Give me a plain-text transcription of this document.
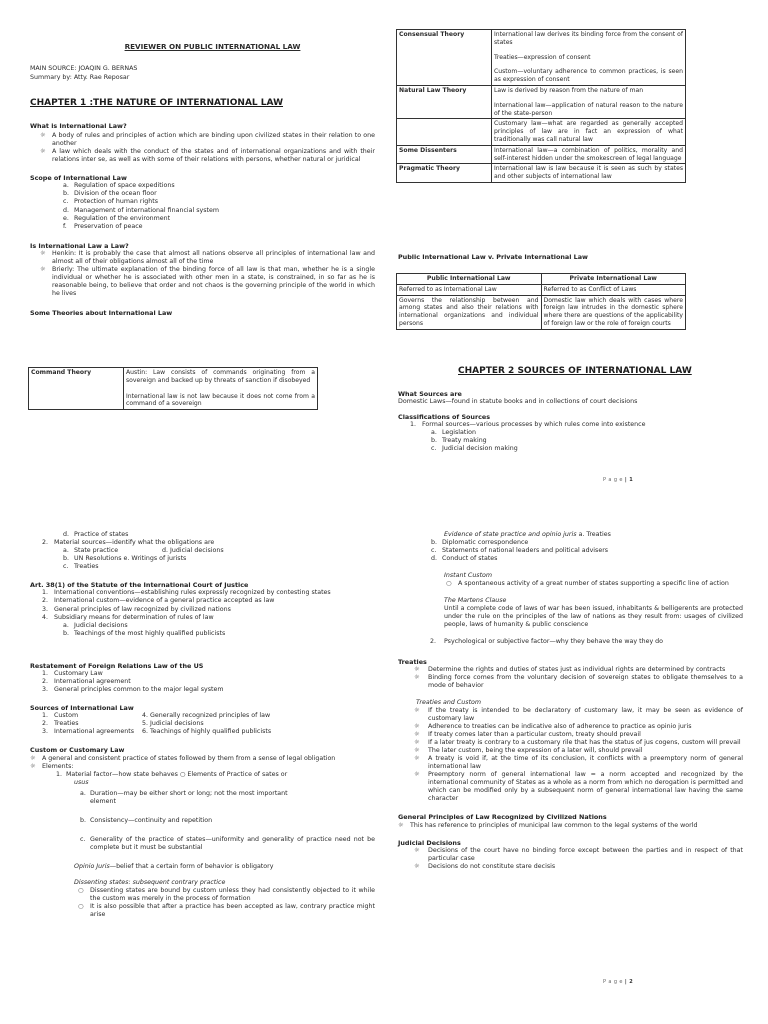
REVIEWER ON PUBLIC INTERNATIONAL LAW
MAIN SOURCE: JOAQIN G. BERNAS
Summary by: Atty. Rae Reposar
CHAPTER 1 :THE NATURE OF INTERNATIONAL LAW
What is International Law?
☼ A body of rules and principles of action which are binding upon civilized states in their relation to one another
☼ A law which deals with the conduct of the states and of international organizations and with their relations inter se, as well as with some of their relations with persons, whether natural or juridical
Scope of International Law
a. Regulation of space expeditions
b. Division of the ocean floor
c. Protection of human rights
d. Management of international financial system
e. Regulation of the environment
f. Preservation of peace
Is International Law a Law?
☼ Henkin: It is probably the case that almost all nations observe all principles of international law and almost all of their obligations almost all of the time
☼ Brierly: The ultimate explanation of the binding force of all law is that man, whether he is a single individual or whether he is associated with other men in a state, is constrained, in so far as he is reasonable being, to believe that order and not chaos is the governing principle of the world in which he lives
Some Theories about International Law
Command Theory	Austin: Law consists of commands originating from a sovereign and backed up by threats of sanction if disobeyed

International law is not law because it does not come from a command of a sovereign

Consensual Theory	International law derives its binding force from the consent of states

Treaties—expression of consent

Custom—voluntary adherence to common practices, is seen as expression of consent

Natural Law Theory	Law is derived by reason from the nature of man

International law—application of natural reason to the nature of the state-person

	Customary law—what are regarded as generally accepted principles of law are in fact an expression of what traditionally was call natural law

Some Dissenters	International law—a combination of politics, morality and self-interest hidden under the smokescreen of legal language

Pragmatic Theory	International law is law because it is seen as such by states and other subjects of international law

Public International Law v. Private International Law
Public International Law	Private International Law
Referred to as International Law	Referred to as Conflict of Laws
Governs the relationship between and among states and also their relations with international organizations and individual persons	Domestic law which deals with cases where foreign law intrudes in the domestic sphere where there are questions of the applicability of foreign law or the role of foreign courts
CHAPTER 2 SOURCES OF INTERNATIONAL LAW
What Sources are
Domestic Laws—found in statute books and in collections of court decisions
Classifications of Sources
1. Formal sources—various processes by which rules come into existence
a. Legislation
b. Treaty making
c. Judicial decision making
P a g e | 1
d. Practice of states
2. Material sources—identify what the obligations are
a. State practice	d. Judicial decisions
b. UN Resolutions e. Writings of jurists
c. Treaties
Art. 38(1) of the Statute of the International Court of Justice
1. International conventions—establishing rules expressly recognized by contesting states
2. International custom—evidence of a general practice accepted as law
3. General principles of law recognized by civilized nations
4. Subsidiary means for determination of rules of law
a. Judicial decisions
b. Teachings of the most highly qualified publicists
Restatement of Foreign Relations Law of the US
1. Customary Law
2. International agreement
3. General principles common to the major legal system
Sources of International Law
1. Custom	4. Generally recognized principles of law
2. Treaties	5. Judicial decisions
3. International agreements 6. Teachings of highly qualified publicists
Custom or Customary Law
☼ A general and consistent practice of states followed by them from a sense of legal obligation
☼ Elements:
1. Material factor—how state behaves ○ Elements of Practice of sates or
usus
a. Duration—may be either short or long; not the most important element
b. Consistency—continuity and repetition
c. Generality of the practice of states—uniformity and generality of practice need not be complete but it must be substantial
Opinio Juris—belief that a certain form of behavior is obligatory
Dissenting states: subsequent contrary practice
○ Dissenting states are bound by custom unless they had consistently objected to it while the custom was merely in the process of formation
○ It is also possible that after a practice has been accepted as law, contrary practice might arise
Evidence of state practice and opinio juris a. Treaties
b. Diplomatic correspondence
c. Statements of national leaders and political advisers
d. Conduct of states
Instant Custom
○ A spontaneous activity of a great number of states supporting a specific line of action
The Martens Clause
Until a complete code of laws of war has been issued, inhabitants & belligerents are protected under the rule on the principles of the law of nations as they result from: usages of civilized people, laws of humanity & public conscience
2. Psychological or subjective factor—why they behave the way they do
Treaties
☼ Determine the rights and duties of states just as individual rights are determined by contracts
☼ Binding force comes from the voluntary decision of sovereign states to obligate themselves to a mode of behavior
Treaties and Custom
☼ If the treaty is intended to be declaratory of customary law, it may be seen as evidence of customary law
☼ Adherence to treaties can be indicative also of adherence to practice as opinio juris
☼ If treaty comes later than a particular custom, treaty should prevail
☼ If a later treaty is contrary to a customary rile that has the status of jus cogens, custom will prevail
☼ The later custom, being the expression of a later will, should prevail
☼ A treaty is void if, at the time of its conclusion, it conflicts with a preemptory norm of general international law
☼ Preemptory norm of general international law = a norm accepted and recognized by the international community of States as a whole as a norm from which no derogation is permitted and which can be modified only by a subsequent norm of general international law having the same character
General Principles of Law Recognized by Civilized Nations
☼ This has reference to principles of municipal law common to the legal systems of the world
Judicial Decisions
☼ Decisions of the court have no binding force except between the parties and in respect of that particular case
☼ Decisions do not constitute stare decisis
P a g e | 2
